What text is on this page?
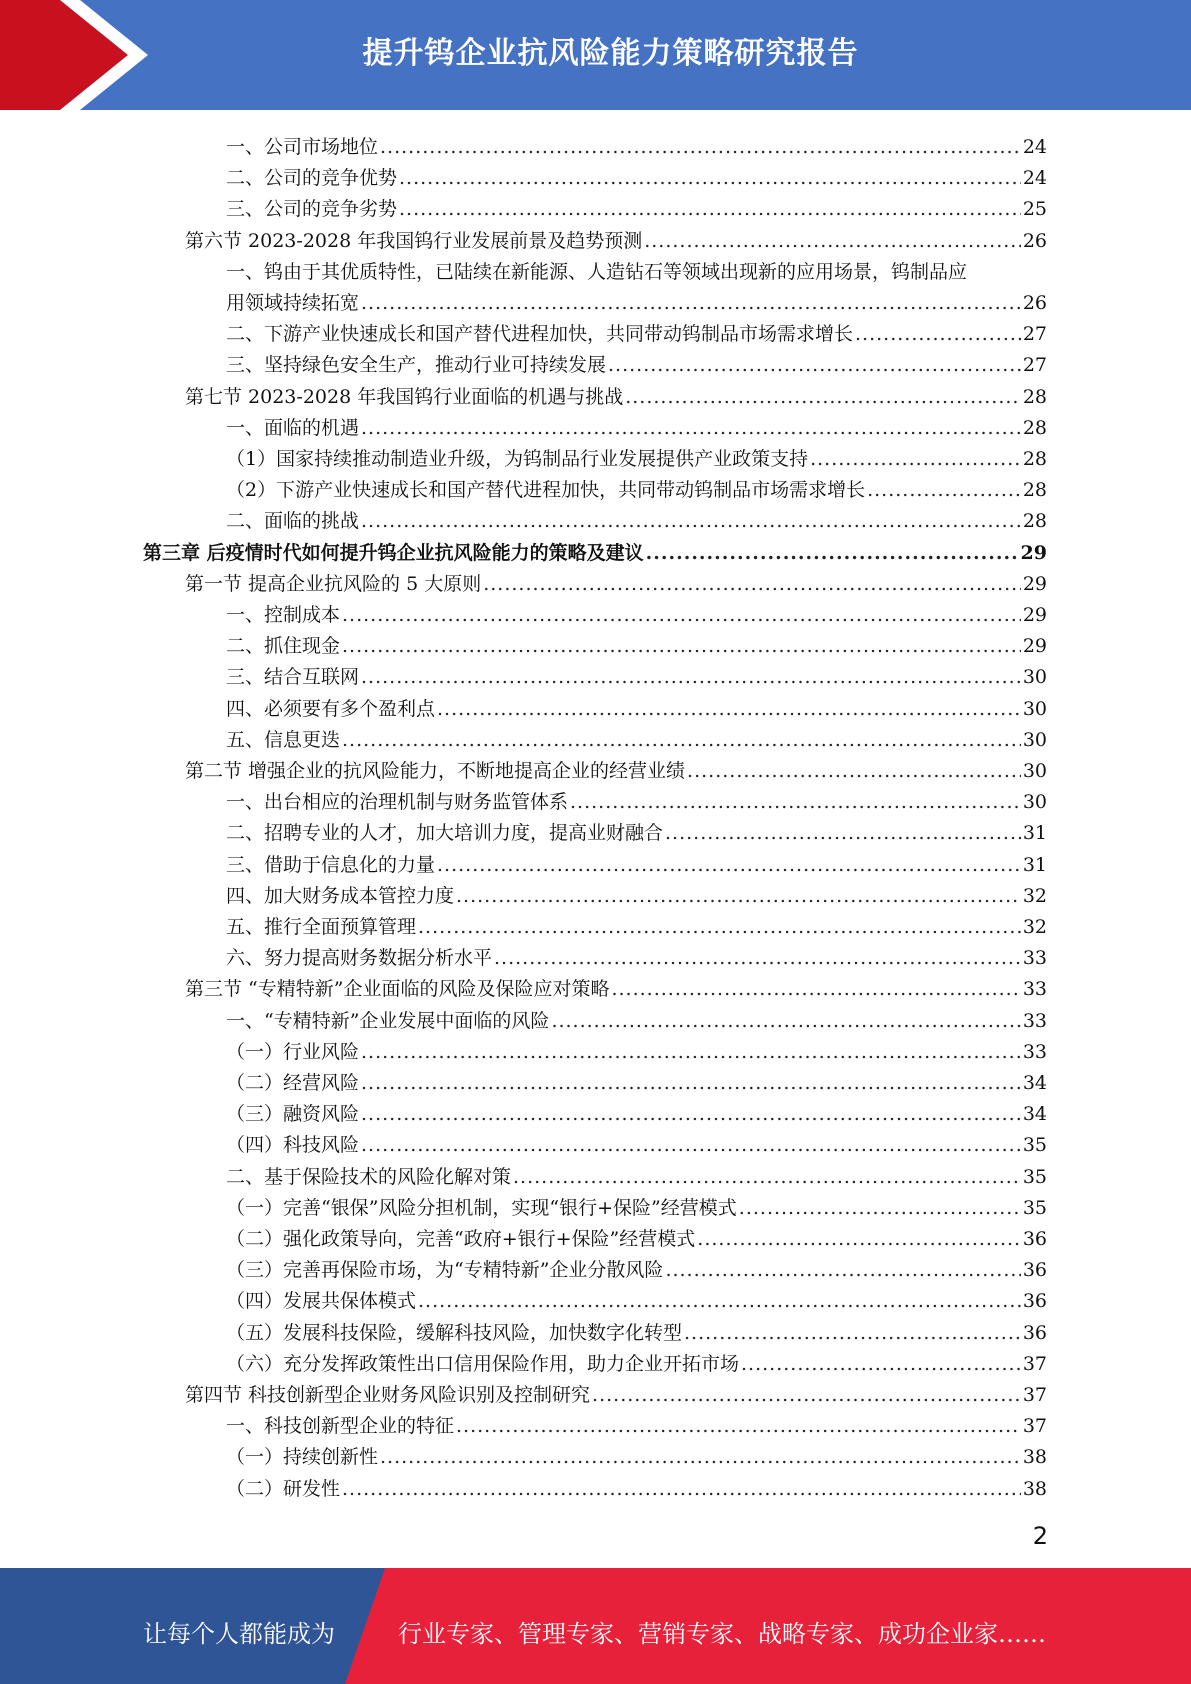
提升钨企业抗风险能力策略研究报告
一、公司市场地位 .....	24
二、公司的竞争优势 .....	24
三、公司的竞争劣势 .....	25
第六节 2023-2028 年我国钨行业发展前景及趋势预测 .....	26
一、钨由于其优质特性，已陆续在新能源、人造钻石等领域出现新的应用场景，钨制品应
用领域持续拓宽 .....	26
二、下游产业快速成长和国产替代进程加快，共同带动钨制品市场需求增长 .....	27
三、坚持绿色安全生产，推动行业可持续发展 .....	27
第七节 2023-2028 年我国钨行业面临的机遇与挑战 .....	28
一、面临的机遇 .....	28
（1）国家持续推动制造业升级，为钨制品行业发展提供产业政策支持 .....	28
（2）下游产业快速成长和国产替代进程加快，共同带动钨制品市场需求增长 .....	28
二、面临的挑战 .....	28
第三章 后疫情时代如何提升钨企业抗风险能力的策略及建议 .....	29
第一节 提高企业抗风险的 5 大原则 .....	29
一、控制成本 .....	29
二、抓住现金 .....	29
三、结合互联网 .....	30
四、必须要有多个盈利点 .....	30
五、信息更迭 .....	30
第二节 增强企业的抗风险能力，不断地提高企业的经营业绩 .....	30
一、出台相应的治理机制与财务监管体系 .....	30
二、招聘专业的人才，加大培训力度，提高业财融合 .....	31
三、借助于信息化的力量 .....	31
四、加大财务成本管控力度 .....	32
五、推行全面预算管理 .....	32
六、努力提高财务数据分析水平 .....	33
第三节 “专精特新”企业面临的风险及保险应对策略 .....	33
一、“专精特新”企业发展中面临的风险 .....	33
（一）行业风险 .....	33
（二）经营风险 .....	34
（三）融资风险 .....	34
（四）科技风险 .....	35
二、基于保险技术的风险化解对策 .....	35
（一）完善“银保”风险分担机制，实现“银行+保险”经营模式 .....	35
（二）强化政策导向，完善“政府+银行+保险”经营模式 .....	36
（三）完善再保险市场，为“专精特新”企业分散风险 .....	36
（四）发展共保体模式 .....	36
（五）发展科技保险，缓解科技风险，加快数字化转型 .....	36
（六）充分发挥政策性出口信用保险作用，助力企业开拓市场 .....	37
第四节 科技创新型企业财务风险识别及控制研究 .....	37
一、科技创新型企业的特征 .....	37
（一）持续创新性 .....	38
（二）研发性 .....	38
2
让每个人都能成为	行业专家、管理专家、营销专家、战略专家、成功企业家……
